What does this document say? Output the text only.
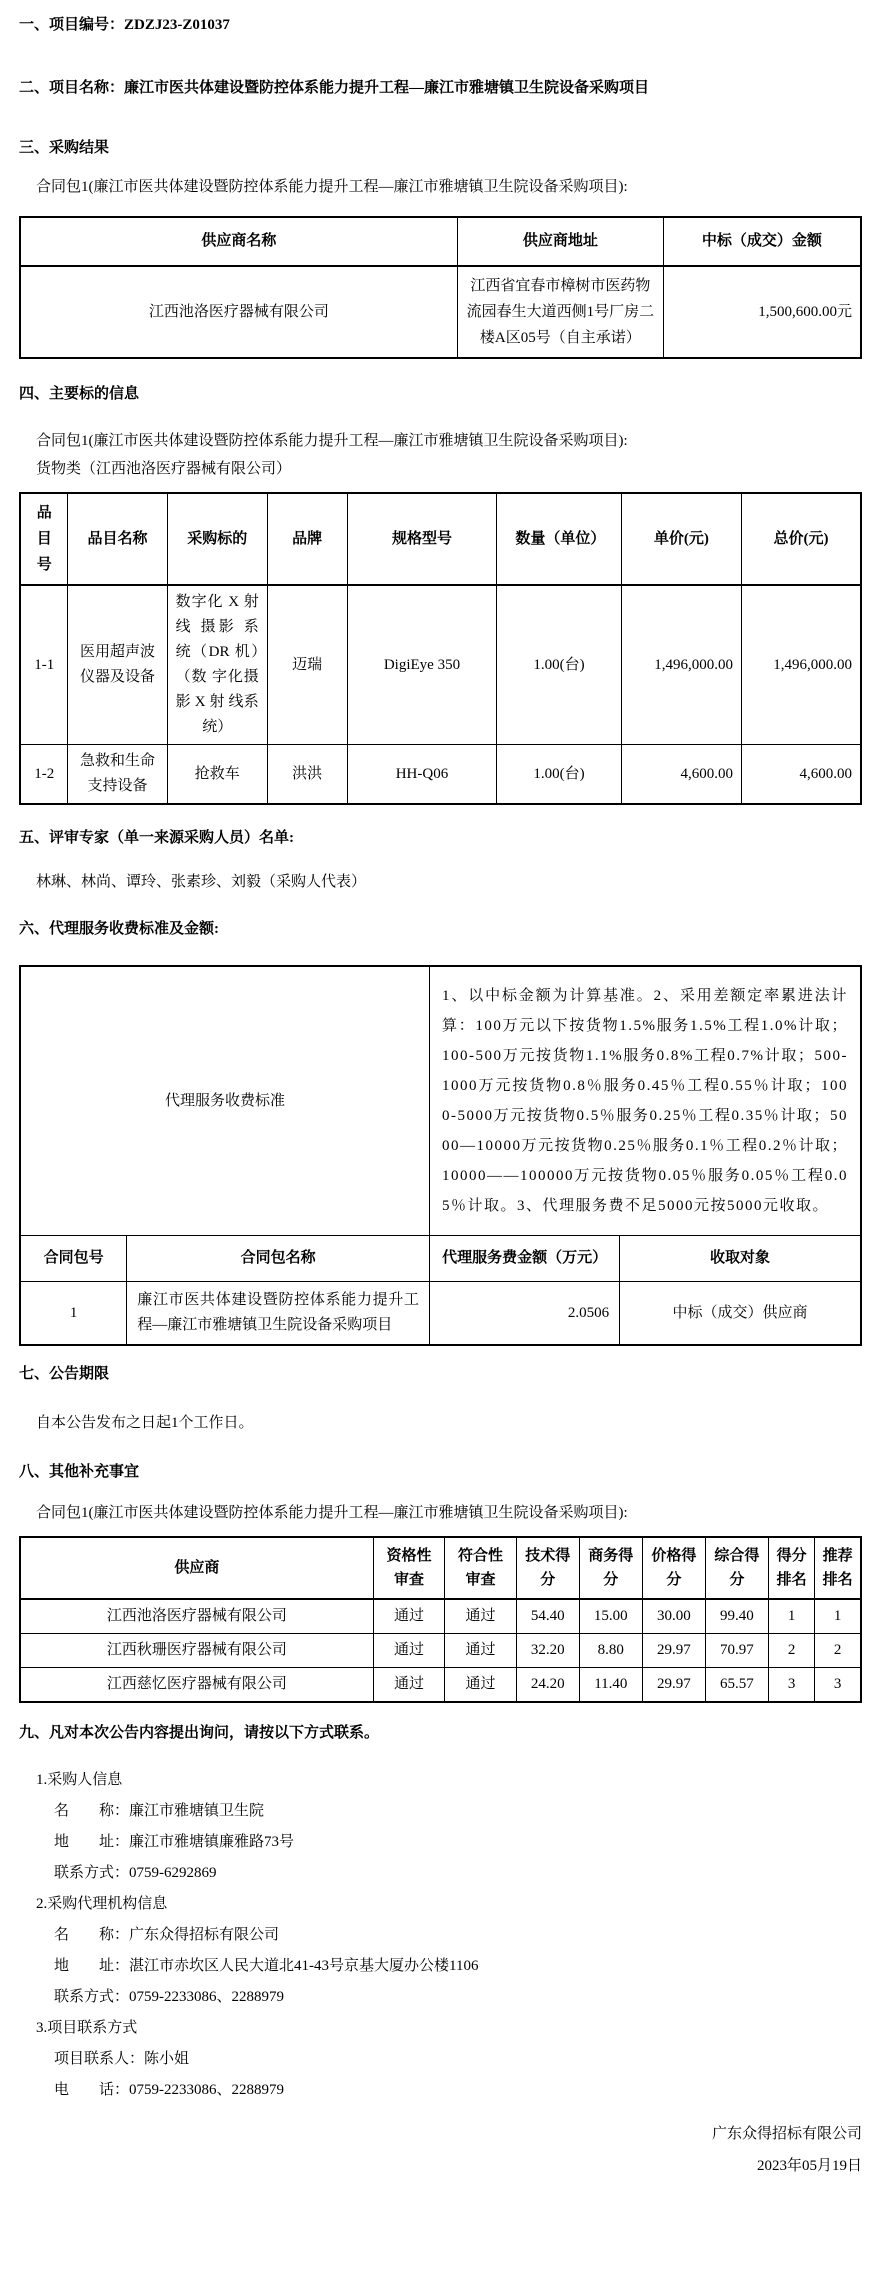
一、项目编号：ZDZJ23-Z01037

二、项目名称：廉江市医共体建设暨防控体系能力提升工程—廉江市雅塘镇卫生院设备采购项目

三、采购结果

合同包1(廉江市医共体建设暨防控体系能力提升工程—廉江市雅塘镇卫生院设备采购项目):

供应商名称	供应商地址	中标（成交）金额
江西池洛医疗器械有限公司	江西省宜春市樟树市医药物流园春生大道西侧1号厂房二楼A区05号（自主承诺）	1,500,600.00元

四、主要标的信息

合同包1(廉江市医共体建设暨防控体系能力提升工程—廉江市雅塘镇卫生院设备采购项目):

货物类（江西池洛医疗器械有限公司）

品目号	品目名称	采购标的	品牌	规格型号	数量（单位）	单价(元)	总价(元)
1-1	医用超声波仪器及设备	数字化 X 射线 摄影 系 统（DR 机）（数 字化摄 影 X 射 线系 统）	迈瑞	DigiEye 350	1.00(台)	1,496,000.00	1,496,000.00
1-2	急救和生命支持设备	抢救车	洪洪	HH-Q06	1.00(台)	4,600.00	4,600.00

五、评审专家（单一来源采购人员）名单:

林琳、林尚、谭玲、张素珍、刘毅（采购人代表）

六、代理服务收费标准及金额:

代理服务收费标准		1、以中标金额为计算基准。2、采用差额定率累进法计算：100万元以下按货物1.5%服务1.5%工程1.0%计取；100-500万元按货物1.1%服务0.8%工程0.7%计取；500-1000万元按货物0.8％服务0.45％工程0.55％计取；1000-5000万元按货物0.5％服务0.25％工程0.35％计取；5000—10000万元按货物0.25％服务0.1％工程0.2％计取；10000——100000万元按货物0.05％服务0.05％工程0.05％计取。3、代理服务费不足5000元按5000元收取。	
合同包号	合同包名称	代理服务费金额（万元）	收取对象
1	廉江市医共体建设暨防控体系能力提升工程—廉江市雅塘镇卫生院设备采购项目	2.0506	中标（成交）供应商

七、公告期限

自本公告发布之日起1个工作日。

八、其他补充事宜

合同包1(廉江市医共体建设暨防控体系能力提升工程—廉江市雅塘镇卫生院设备采购项目):

供应商	资格性审查	符合性审查	技术得分	商务得分	价格得分	综合得分	得分排名	推荐排名
江西池洛医疗器械有限公司	通过	通过	54.40	15.00	30.00	99.40	1	1
江西秋珊医疗器械有限公司	通过	通过	32.20	8.80	29.97	70.97	2	2
江西慈忆医疗器械有限公司	通过	通过	24.20	11.40	29.97	65.57	3	3

九、凡对本次公告内容提出询问，请按以下方式联系。

1.采购人信息

名　　称：廉江市雅塘镇卫生院

地　　址：廉江市雅塘镇廉雅路73号

联系方式：0759-6292869

2.采购代理机构信息

名　　称：广东众得招标有限公司

地　　址：湛江市赤坎区人民大道北41-43号京基大厦办公楼1106

联系方式：0759-2233086、2288979

3.项目联系方式

项目联系人：陈小姐

电　　话：0759-2233086、2288979

广东众得招标有限公司

2023年05月19日
